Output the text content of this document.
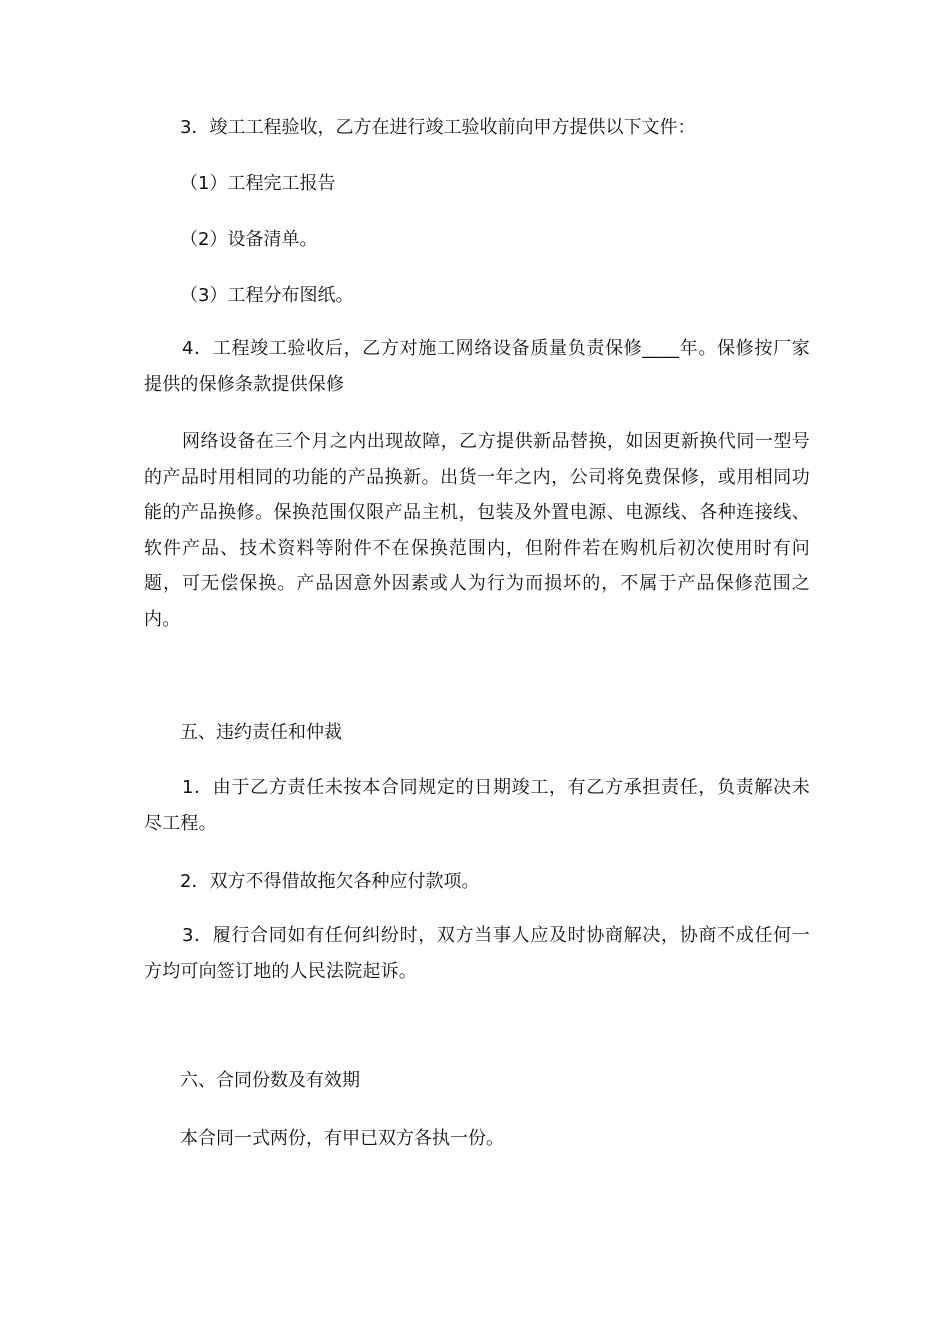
3．竣工工程验收，乙方在进行竣工验收前向甲方提供以下文件：
（1）工程完工报告
（2）设备清单。
（3）工程分布图纸。
4．工程竣工验收后，乙方对施工网络设备质量负责保修____年。保修按厂家提供的保修条款提供保修
网络设备在三个月之内出现故障，乙方提供新品替换，如因更新换代同一型号的产品时用相同的功能的产品换新。出货一年之内，公司将免费保修，或用相同功能的产品换修。保换范围仅限产品主机，包装及外置电源、电源线、各种连接线、软件产品、技术资料等附件不在保换范围内，但附件若在购机后初次使用时有问题，可无偿保换。产品因意外因素或人为行为而损坏的，不属于产品保修范围之内。
五、违约责任和仲裁
1．由于乙方责任未按本合同规定的日期竣工，有乙方承担责任，负责解决未尽工程。
2．双方不得借故拖欠各种应付款项。
3．履行合同如有任何纠纷时，双方当事人应及时协商解决，协商不成任何一方均可向签订地的人民法院起诉。
六、合同份数及有效期
本合同一式两份，有甲已双方各执一份。
